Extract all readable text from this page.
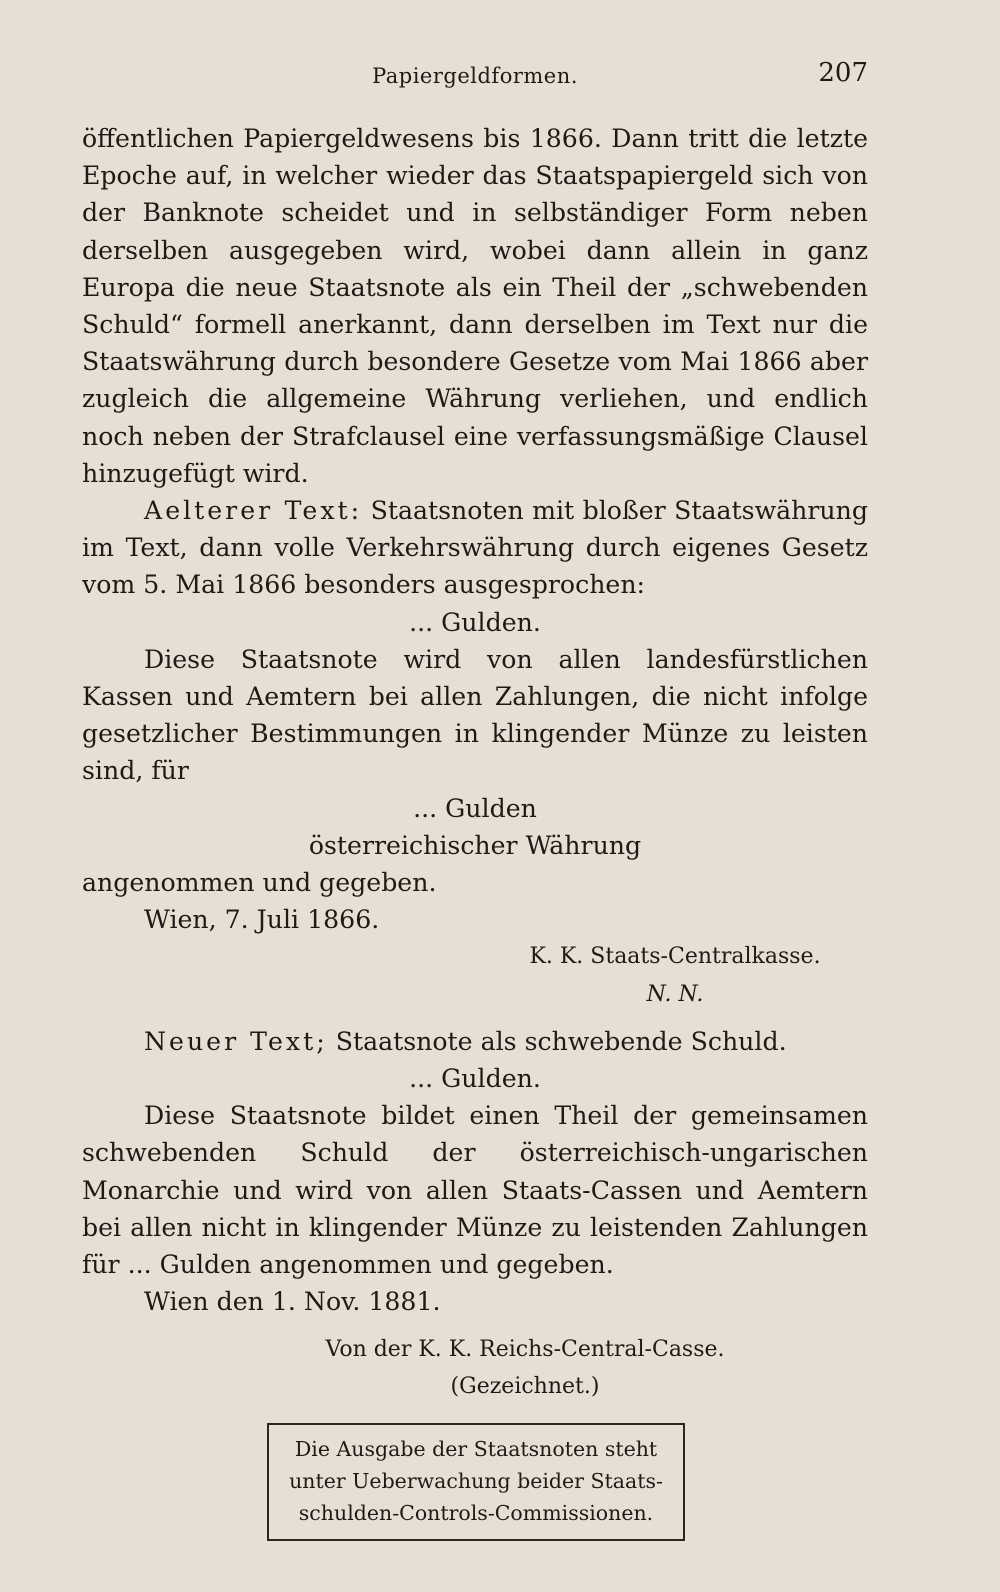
Papiergeldformen.	207

öffentlichen Papiergeldwesens bis 1866. Dann tritt die letzte Epoche auf, in welcher wieder das Staatspapiergeld sich von der Banknote scheidet und in selbständiger Form neben derselben ausgegeben wird, wobei dann allein in ganz Europa die neue Staatsnote als ein Theil der „schwebenden Schuld“ formell anerkannt, dann derselben im Text nur die Staatswährung durch besondere Gesetze vom Mai 1866 aber zugleich die allgemeine Währung verliehen, und endlich noch neben der Strafclausel eine verfassungsmäßige Clausel hinzugefügt wird.

Aelterer Text: Staatsnoten mit bloßer Staatswährung im Text, dann volle Verkehrswährung durch eigenes Gesetz vom 5. Mai 1866 besonders ausgesprochen:

... Gulden.

Diese Staatsnote wird von allen landesfürstlichen Kassen und Aemtern bei allen Zahlungen, die nicht infolge gesetzlicher Bestimmungen in klingender Münze zu leisten sind, für

... Gulden

österreichischer Währung

angenommen und gegeben.

Wien, 7. Juli 1866.

K. K. Staats-Centralkasse.

N. N.

Neuer Text; Staatsnote als schwebende Schuld.

... Gulden.

Diese Staatsnote bildet einen Theil der gemeinsamen schwebenden Schuld der österreichisch-ungarischen Monarchie und wird von allen Staats-Cassen und Aemtern bei allen nicht in klingender Münze zu leistenden Zahlungen für ... Gulden angenommen und gegeben.

Wien den 1. Nov. 1881.

Von der K. K. Reichs-Central-Casse.

(Gezeichnet.)

Die Ausgabe der Staatsnoten steht

unter Ueberwachung beider Staats-

schulden-Controls-Commissionen.
